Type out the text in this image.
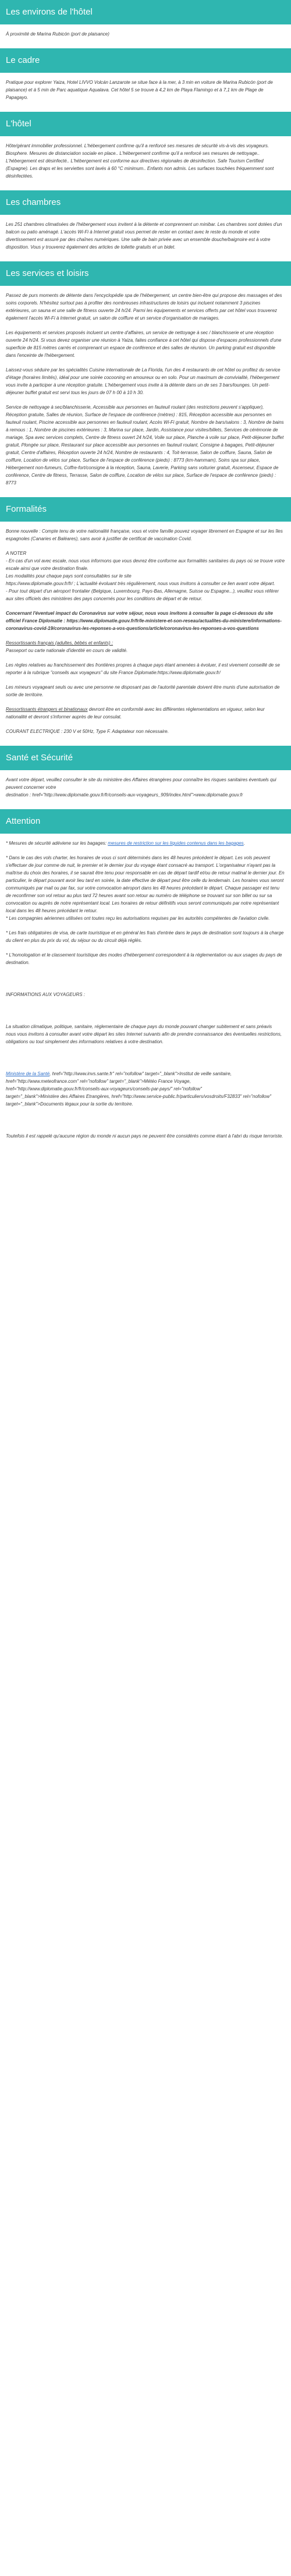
Les environs de l'hôtel

À proximité de Marina Rubicón (port de plaisance)

Le cadre

Pratique pour explorer Yaiza, Hotel LIVVO Volcán Lanzarote se situe face à la mer, à 3 min en voiture de Marina Rubicón (port de plaisance) et à 5 min de Parc aquatique Aqualava. Cet hôtel 5 se trouve à 4,2 km de Playa Flamingo et à 7,1 km de Plage de Papagayo.

L'hôtel

Hôte/gérant immobilier professionnel. L'hébergement confirme qu'il a renforcé ses mesures de sécurité vis-à-vis des voyageurs. Biosphere. Mesures de distanciation sociale en place.. L'hébergement confirme qu'il a renforcé ses mesures de nettoyage.. L'hébergement est désinfecté.. L'hébergement est conforme aux directives régionales de désinfection. Safe Tourism Certified (Espagne). Les draps et les serviettes sont lavés à 60 °C minimum.. Enfants non admis. Les surfaces touchées fréquemment sont désinfectées.

Les chambres

Les 251 chambres climatisées de l'hébergement vous invitent à la détente et comprennent un minibar. Les chambres sont dotées d'un balcon ou patio aménagé. L'accès Wi-Fi à Internet gratuit vous permet de rester en contact avec le reste du monde et votre divertissement est assuré par des chaînes numériques. Une salle de bain privée avec un ensemble douche/baignoire est à votre disposition. Vous y trouverez également des articles de toilette gratuits et un bidet.

Les services et loisirs

Passez de purs moments de détente dans l'encyclopédie spa de l'hébergement, un centre bien-être qui propose des massages et des soins corporels. N'hésitez surtout pas à profiter des nombreuses infrastructures de loisirs qui incluent notamment 3 piscines extérieures, un sauna et une salle de fitness ouverte 24 h/24. Parmi les équipements et services offerts par cet hôtel vous trouverez également l'accès Wi-Fi à Internet gratuit, un salon de coiffure et un service d'organisation de mariages.

Les équipements et services proposés incluent un centre d'affaires, un service de nettoyage à sec / blanchisserie et une réception ouverte 24 h/24. Si vous devez organiser une réunion à Yaiza, faites confiance à cet hôtel qui dispose d'espaces professionnels d'une superficie de 815 mètres carrés et comprenant un espace de conférence et des salles de réunion. Un parking gratuit est disponible dans l'enceinte de l'hébergement.

Laissez-vous séduire par les spécialités Cuisine internationale de La Florida, l'un des 4 restaurants de cet hôtel ou profitez du service d'étage (horaires limités), idéal pour une soirée cocooning en amoureux ou en solo. Pour un maximum de convivialité, l'hébergement vous invite à participer à une réception gratuite. L'hébergement vous invite à la détente dans un de ses 3 bars/lounges. Un petit-déjeuner buffet gratuit est servi tous les jours de 07 h 00 à 10 h 30.

Service de nettoyage à sec/blanchisserie, Accessible aux personnes en fauteuil roulant (des restrictions peuvent s'appliquer), Réception gratuite, Salles de réunion, Surface de l'espace de conférence (mètres) : 815, Réception accessible aux personnes en fauteuil roulant, Piscine accessible aux personnes en fauteuil roulant, Accès Wi-Fi gratuit, Nombre de bars/salons : 3, Nombre de bains à remous : 1, Nombre de piscines extérieures : 3, Marina sur place, Jardin, Assistance pour visites/billets, Services de cérémonie de mariage, Spa avec services complets, Centre de fitness ouvert 24 h/24, Voile sur place, Planche à voile sur place, Petit-déjeuner buffet gratuit, Plongée sur place, Restaurant sur place accessible aux personnes en fauteuil roulant, Consigne à bagages, Petit-déjeuner gratuit, Centre d'affaires, Réception ouverte 24 h/24, Nombre de restaurants : 4, Toit-terrasse, Salon de coiffure, Sauna, Salon de coiffure, Location de vélos sur place, Surface de l'espace de conférence (pieds) : 8773 (km-hammam), Soins spa sur place, Hébergement non-fumeurs, Coffre-fort/consigne à la réception, Sauna, Laverie, Parking sans voiturier gratuit, Ascenseur, Espace de conférence, Centre de fitness, Terrasse, Salon de coiffure, Location de vélos sur place, Surface de l'espace de conférence (pieds) : 8773

Formalités

Bonne nouvelle : Compte tenu de votre nationalité française, vous et votre famille pouvez voyager librement en Espagne et sur les îles espagnoles (Canaries et Baléares), sans avoir à justifier de certificat de vaccination Covid.

A NOTER
- En cas d'un vol avec escale, nous vous informons que vous devrez être conforme aux formalités sanitaires du pays où se trouve votre escale ainsi que votre destination finale.
Les modalités pour chaque pays sont consultables sur le site
https://www.diplomatie.gouv.fr/fr/ ; L'actualité évoluant très régulièrement, nous vous invitons à consulter ce lien avant votre départ.
- Pour tout départ d'un aéroport frontalier (Belgique, Luxembourg, Pays-Bas, Allemagne, Suisse ou Espagne...), veuillez vous référer aux sites officiels des ministères des pays concernés pour les conditions de départ et de retour.

Concernant l'éventuel impact du Coronavirus sur votre séjour, nous vous invitons à consulter la page ci-dessous du site officiel France Diplomatie : https://www.diplomatie.gouv.fr/fr/le-ministere-et-son-reseau/actualites-du-ministere/informations-coronavirus-covid-19/coronavirus-les-reponses-a-vos-questions/article/coronavirus-les-reponses-a-vos-questions

Ressortissants français (adultes, bébés et enfants) :
Passeport ou carte nationale d'identité en cours de validité.

Les règles relatives au franchissement des frontières propres à chaque pays étant amenées à évoluer, il est vivement conseillé de se reporter à la rubrique "conseils aux voyageurs" du site France Diplomatie:https://www.diplomatie.gouv.fr/

Les mineurs voyageant seuls ou avec une personne ne disposant pas de l'autorité parentale doivent être munis d'une autorisation de sortie de territoire.

Ressortissants étrangers et binationaux devront être en conformité avec les différentes réglementations en vigueur, selon leur nationalité et devront s'informer auprès de leur consulat.

COURANT ELECTRIQUE : 230 V et 50Hz, Type F. Adaptateur non nécessaire.

Santé et Sécurité

Avant votre départ, veuillez consulter le site du ministère des Affaires étrangères pour connaître les risques sanitaires éventuels qui peuvent concerner votre
destination : href="http://www.diplomatie.gouv.fr/fr/conseils-aux-voyageurs_909/index.html">www.diplomatie.gouv.fr

Attention

* Mesures de sécurité adéviene sur les bagages: mesures de restriction sur les liquides contenus dans les bagages.

* Dans le cas des vols charter, les horaires de vous ci sont déterminés dans les 48 heures précédent le départ. Les vols peuvent s'effectuer de jour comme de nuit, le premier et le dernier jour du voyage étant consacré au transport. L'organisateur n'ayant pas la maîtrise du choix des horaires, il se saurait être tenu pour responsable en cas de départ tardif et/ou de retour matinal le dernier jour. En particulier, le départ pouvant avoir lieu tard en soirée, la date effective de départ peut être celle du lendemain. Les horaires vous seront communiqués par mail ou par fax, sur votre convocation aéroport dans les 48 heures précédant le départ. Chaque passager est tenu de reconfirmer son vol retour au plus tard 72 heures avant son retour au numéro de téléphone se trouvant sur son billet ou sur sa convocation ou auprès de notre représentant local. Les horaires de retour définitifs vous seront communiqués par notre représentant local dans les 48 heures précédant le retour.
* Les compagnies aériennes utilisées ont toutes reçu les autorisations requises par les autorités compétentes de l'aviation civile.

* Les frais obligatoires de visa, de carte touristique et en général les frais d'entrée dans le pays de destination sont toujours à la charge du client en plus du prix du vol, du séjour ou du circuit déjà réglés.

* L'homologation et le classement touristique des modes d'hébergement correspondent à la réglementation ou aux usages du pays de destination.

INFORMATIONS AUX VOYAGEURS :

La situation climatique, politique, sanitaire, réglementaire de chaque pays du monde pouvant changer subitement et sans préavis
nous vous invitons à consulter avant votre départ les sites Internet suivants afin de prendre connaissance des éventuelles restrictions, obligations ou tout simplement des informations relatives à votre destination.

Ministère de la Santé, href="http://www.invs.sante.fr" rel="nofollow" target="_blank">Institut de veille sanitaire,
href="http://www.meteofrance.com" rel="nofollow" target="_blank">Météo France Voyage, href="http://www.diplomatie.gouv.fr/fr/conseils-aux-voyageurs/conseils-par-pays/" rel="nofollow"
target="_blank">Ministère des Affaires Etrangères, href="http://www.service-public.fr/particuliers/vosdroits/F32833" rel="nofollow"
target="_blank">Documents légaux pour la sortie du territoire.

Toutefois il est rappelé qu'aucune région du monde ni aucun pays ne peuvent être considérés comme étant à l'abri du risque terroriste.
